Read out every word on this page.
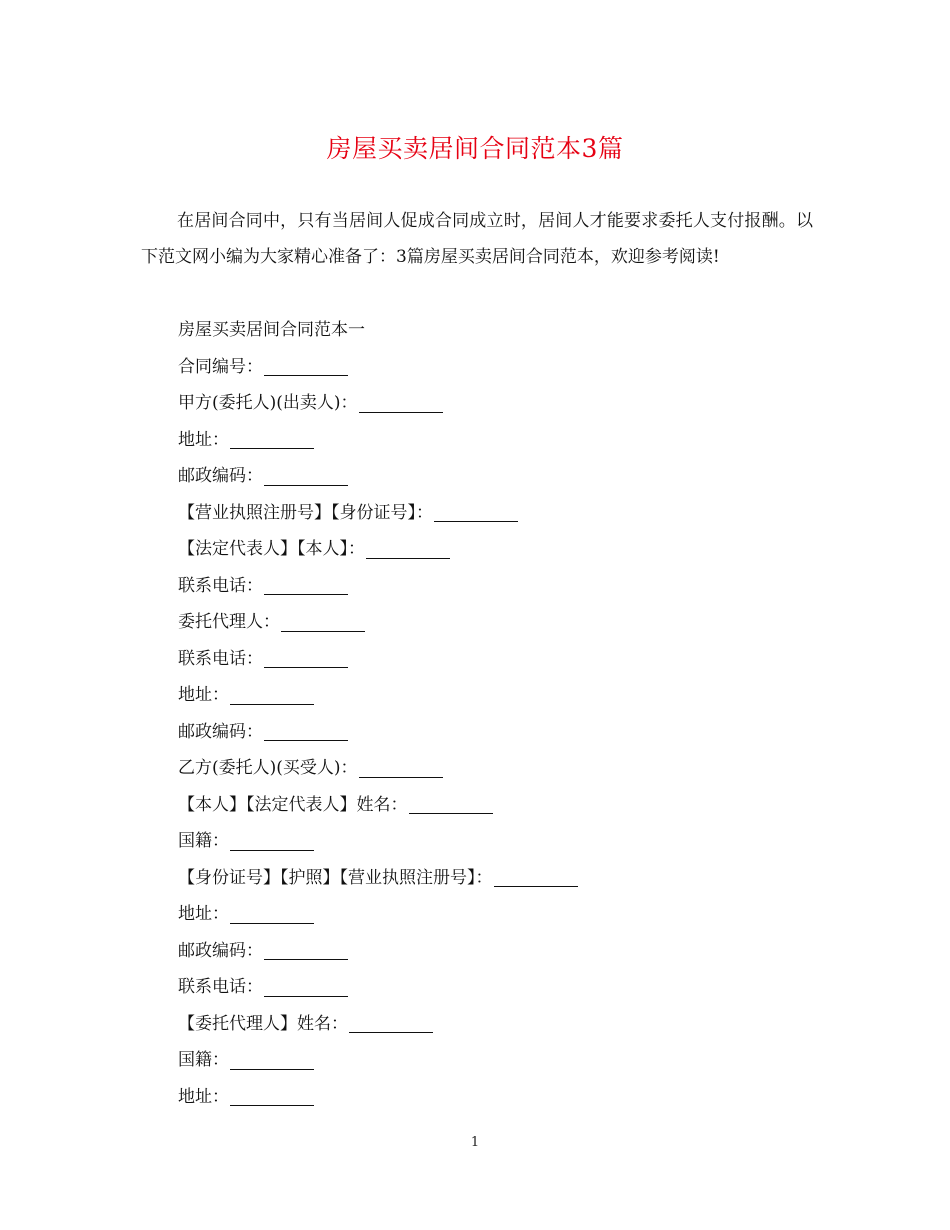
房屋买卖居间合同范本3篇

在居间合同中，只有当居间人促成合同成立时，居间人才能要求委托人支付报酬。以下范文网小编为大家精心准备了：3篇房屋买卖居间合同范本，欢迎参考阅读!

房屋买卖居间合同范本一
合同编号：
甲方(委托人)(出卖人)：
地址：
邮政编码：
【营业执照注册号】【身份证号】：
【法定代表人】【本人】：
联系电话：
委托代理人：
联系电话：
地址：
邮政编码：
乙方(委托人)(买受人)：
【本人】【法定代表人】姓名：
国籍：
【身份证号】【护照】【营业执照注册号】：
地址：
邮政编码：
联系电话：
【委托代理人】姓名：
国籍：
地址：
1
